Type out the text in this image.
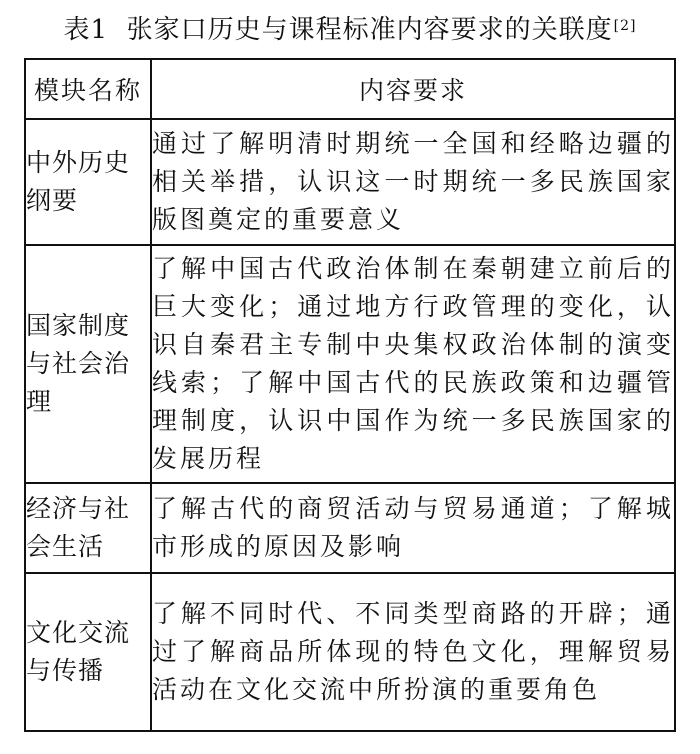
表1 张家口历史与课程标准内容要求的关联度[2]
模块名称	内容要求
中外历史纲要	通过了解明清时期统一全国和经略边疆的相关举措，认识这一时期统一多民族国家版图奠定的重要意义
国家制度与社会治理	了解中国古代政治体制在秦朝建立前后的巨大变化；通过地方行政管理的变化，认识自秦君主专制中央集权政治体制的演变线索；了解中国古代的民族政策和边疆管理制度，认识中国作为统一多民族国家的发展历程
经济与社会生活	了解古代的商贸活动与贸易通道；了解城市形成的原因及影响
文化交流与传播	了解不同时代、不同类型商路的开辟；通过了解商品所体现的特色文化，理解贸易活动在文化交流中所扮演的重要角色
